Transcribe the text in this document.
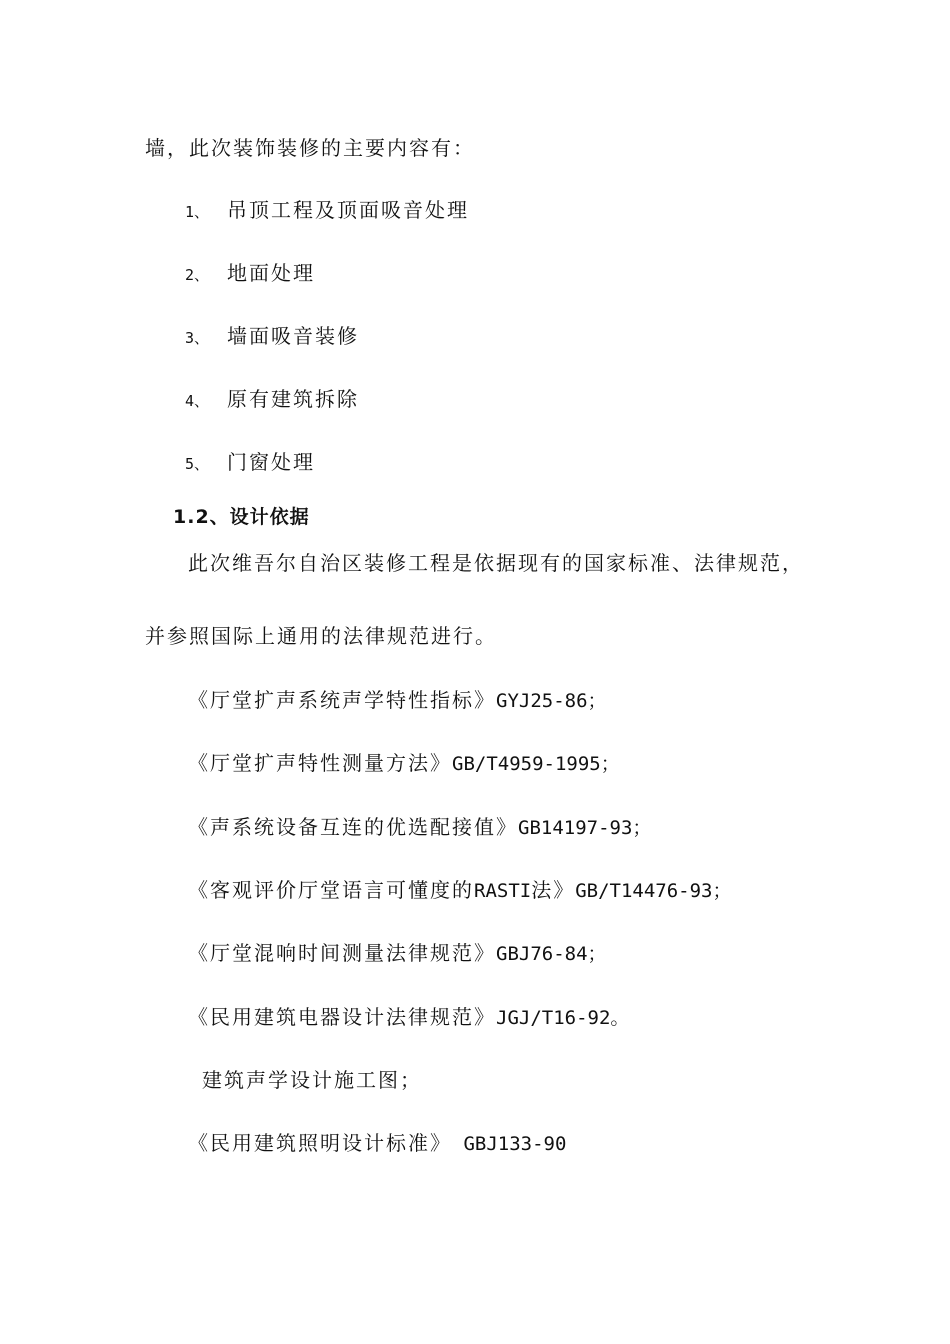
墙，此次装饰装修的主要内容有：
1、 吊顶工程及顶面吸音处理
2、 地面处理
3、 墙面吸音装修
4、 原有建筑拆除
5、 门窗处理
1.2、设计依据
此次维吾尔自治区装修工程是依据现有的国家标准、法律规范，
并参照国际上通用的法律规范进行。
《厅堂扩声系统声学特性指标》GYJ25-86；
《厅堂扩声特性测量方法》GB/T4959-1995；
《声系统设备互连的优选配接值》GB14197-93；
《客观评价厅堂语言可懂度的RASTI法》GB/T14476-93；
《厅堂混响时间测量法律规范》GBJ76-84；
《民用建筑电器设计法律规范》JGJ/T16-92。
建筑声学设计施工图；
《民用建筑照明设计标准》 GBJ133-90
